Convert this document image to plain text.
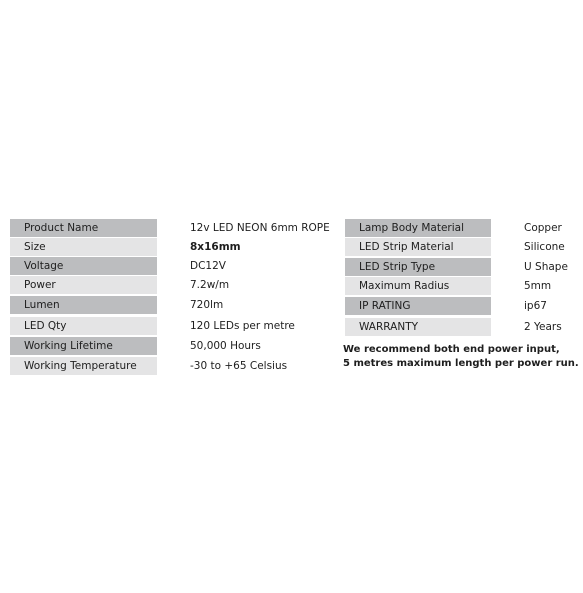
Product Name	12v LED NEON 6mm ROPE
Size	8x16mm
Voltage	DC12V
Power	7.2w/m
Lumen	720lm
LED Qty	120 LEDs per metre
Working Lifetime	50,000 Hours
Working Temperature	-30 to +65 Celsius
Lamp Body Material	Copper
LED Strip Material	Silicone
LED Strip Type	U Shape
Maximum Radius	5mm
IP RATING	ip67
WARRANTY	2 Years
We recommend both end power input,
5 metres maximum length per power run.
